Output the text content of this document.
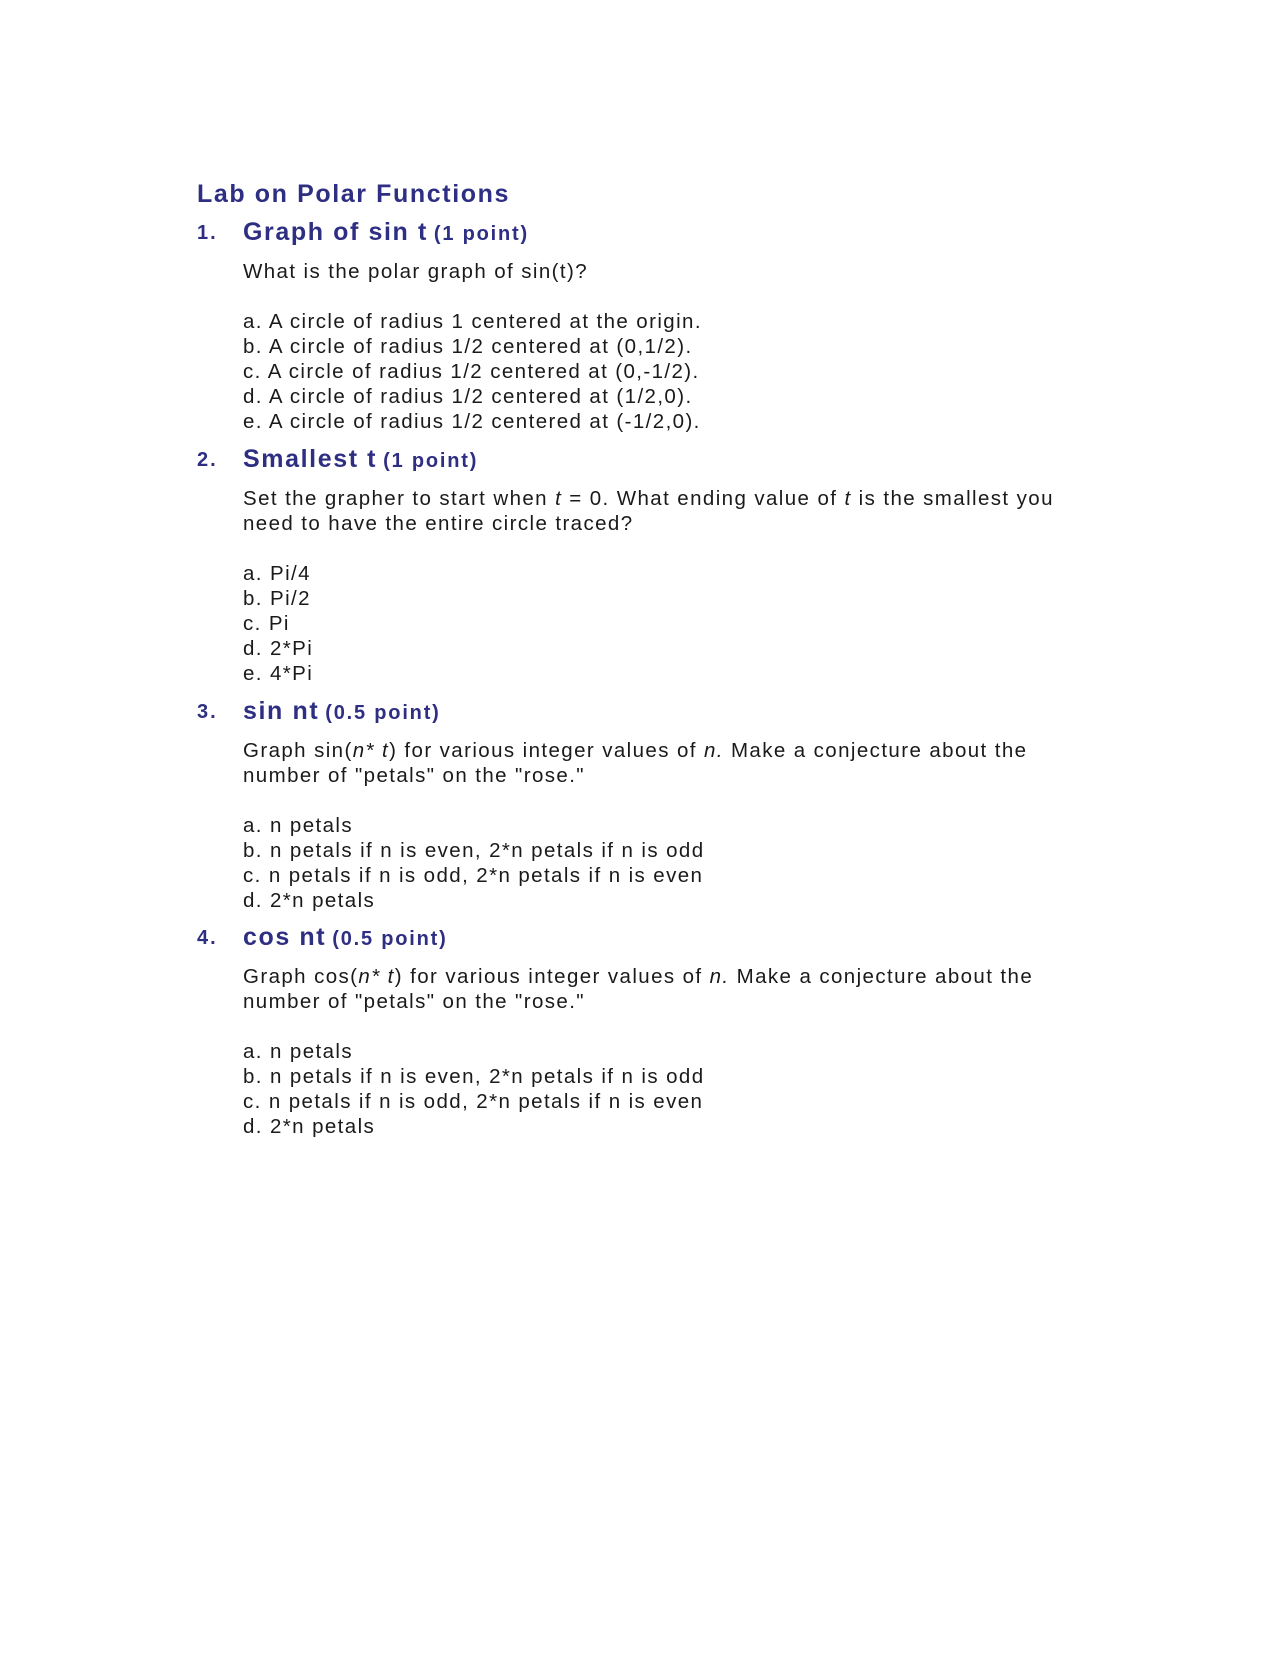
Lab on Polar Functions
1. Graph of sin t (1 point)

What is the polar graph of sin(t)?

a. A circle of radius 1 centered at the origin.
b. A circle of radius 1/2 centered at (0,1/2).
c. A circle of radius 1/2 centered at (0,-1/2).
d. A circle of radius 1/2 centered at (1/2,0).
e. A circle of radius 1/2 centered at (-1/2,0).
2. Smallest t (1 point)

Set the grapher to start when t = 0. What ending value of t is the smallest you need to have the entire circle traced?

a. Pi/4
b. Pi/2
c. Pi
d. 2*Pi
e. 4*Pi
3. sin nt (0.5 point)

Graph sin(n* t) for various integer values of n. Make a conjecture about the number of "petals" on the "rose."

a. n petals
b. n petals if n is even, 2*n petals if n is odd
c. n petals if n is odd, 2*n petals if n is even
d. 2*n petals
4. cos nt (0.5 point)

Graph cos(n* t) for various integer values of n. Make a conjecture about the number of "petals" on the "rose."

a. n petals
b. n petals if n is even, 2*n petals if n is odd
c. n petals if n is odd, 2*n petals if n is even
d. 2*n petals
